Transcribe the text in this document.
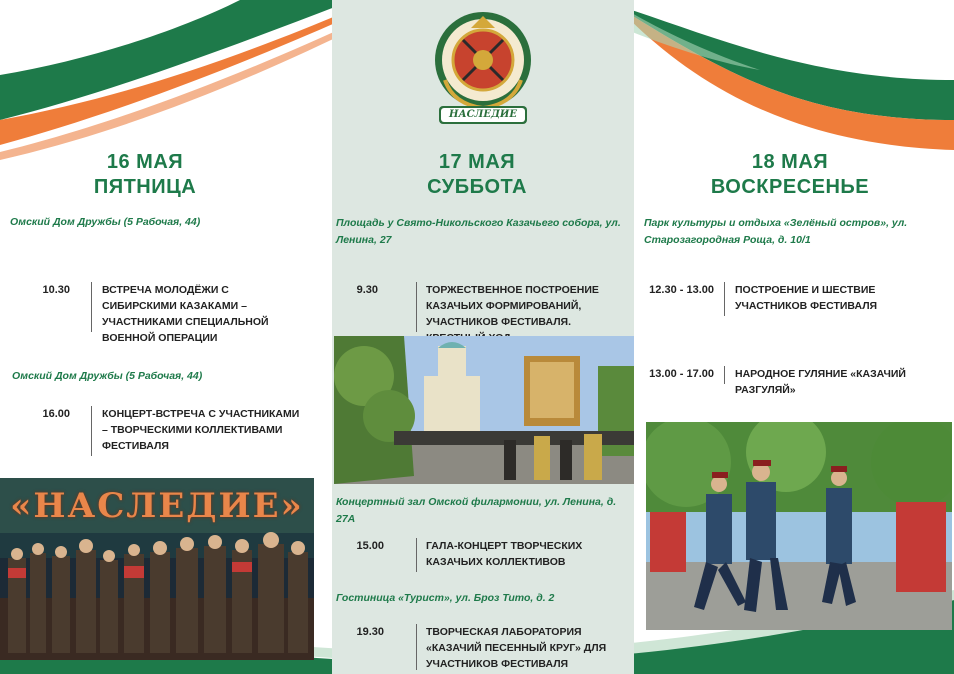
НАСЛЕДИЕ
16 МАЯ
ПЯТНИЦА
Омский Дом Дружбы (5 Рабочая, 44)
10.30	ВСТРЕЧА МОЛОДЁЖИ С СИБИРСКИМИ КАЗАКАМИ – УЧАСТНИКАМИ СПЕЦИАЛЬНОЙ ВОЕННОЙ ОПЕРАЦИИ
Омский Дом Дружбы (5 Рабочая, 44)
16.00	КОНЦЕРТ-ВСТРЕЧА С УЧАСТНИКАМИ – ТВОРЧЕСКИМИ КОЛЛЕКТИВАМИ ФЕСТИВАЛЯ
«НАСЛЕДИЕ»
17 МАЯ
СУББОТА
Площадь у Свято-Никольского Казачьего собора, ул. Ленина, 27
9.30	ТОРЖЕСТВЕННОЕ ПОСТРОЕНИЕ КАЗАЧЬИХ ФОРМИРОВАНИЙ, УЧАСТНИКОВ ФЕСТИВАЛЯ.
Концертный зал Омской филармонии, ул. Ленина, д. 27А
15.00	ГАЛА-КОНЦЕРТ ТВОРЧЕСКИХ КАЗАЧЬИХ КОЛЛЕКТИВОВ
Гостиница «Турист», ул. Броз Тито, д. 2
19.30	ТВОРЧЕСКАЯ ЛАБОРАТОРИЯ «КАЗАЧИЙ ПЕСЕННЫЙ КРУГ» ДЛЯ УЧАСТНИКОВ ФЕСТИВАЛЯ
18 МАЯ
ВОСКРЕСЕНЬЕ
Парк культуры и отдыха «Зелёный остров», ул. Старозагородная Роща, д. 10/1
12.30 - 13.00 ПОСТРОЕНИЕ И ШЕСТВИЕ УЧАСТНИКОВ ФЕСТИВАЛЯ
13.00 - 17.00 НАРОДНОЕ ГУЛЯНИЕ «КАЗАЧИЙ РАЗГУЛЯЙ»
